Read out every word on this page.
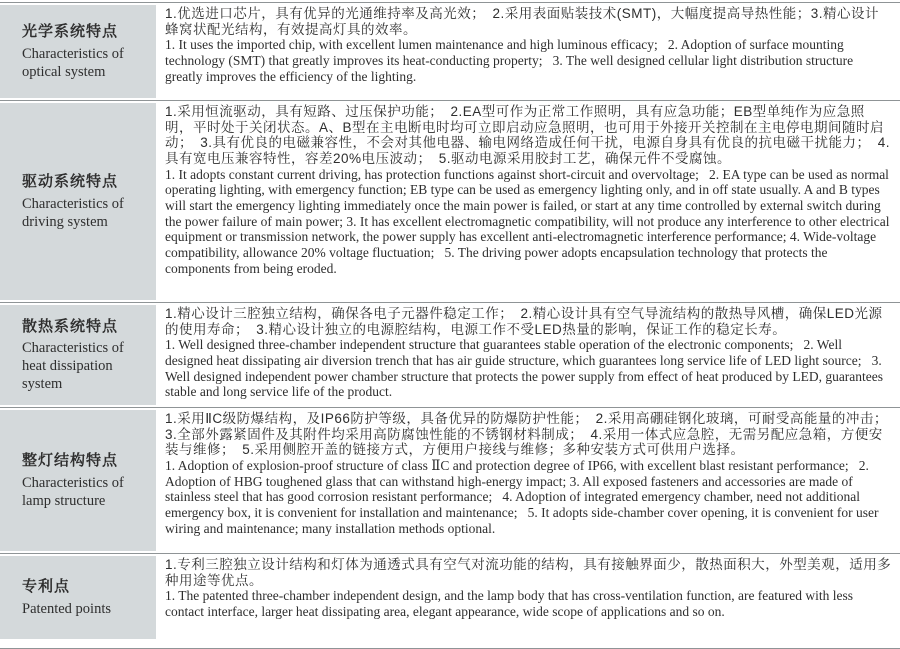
光学系统特点
Characteristics of optical system

1.优选进口芯片，具有优异的光通维持率及高光效；　2.采用表面贴装技术(SMT)，大幅度提高导热性能；3.精心设计蜂窝状配光结构，有效提高灯具的效率。

1. It uses the imported chip, with excellent lumen maintenance and high luminous efficacy;   2. Adoption of surface mounting technology (SMT) that greatly improves its heat-conducting property;   3. The well designed cellular light distribution structure greatly improves the efficiency of the lighting.

驱动系统特点
Characteristics of driving system

1.采用恒流驱动，具有短路、过压保护功能；　2.EA型可作为正常工作照明，具有应急功能；EB型单纯作为应急照明，平时处于关闭状态。A、B型在主电断电时均可立即启动应急照明，也可用于外接开关控制在主电停电期间随时启动；　3.具有优良的电磁兼容性，不会对其他电器、输电网络造成任何干扰，电源自身具有优良的抗电磁干扰能力；　4.具有宽电压兼容特性，容差20%电压波动；　5.驱动电源采用胶封工艺，确保元件不受腐蚀。

1. It adopts constant current driving, has protection functions against short-circuit and overvoltage;   2. EA type can be used as normal operating lighting, with emergency function; EB type can be used as emergency lighting only, and in off state usually. A and B types will start the emergency lighting immediately once the main power is failed, or start at any time controlled by external switch during the power failure of main power; 3. It has excellent electromagnetic compatibility, will not produce any interference to other electrical equipment or transmission network, the power supply has excellent anti-electromagnetic interference performance; 4. Wide-voltage compatibility, allowance 20% voltage fluctuation;   5. The driving power adopts encapsulation technology that protects the components from being eroded.

散热系统特点
Characteristics of heat dissipation system

1.精心设计三腔独立结构，确保各电子元器件稳定工作；　2.精心设计具有空气导流结构的散热导风槽，确保LED光源的使用寿命；　3.精心设计独立的电源腔结构，电源工作不受LED热量的影响，保证工作的稳定长寿。

1. Well designed three-chamber independent structure that guarantees stable operation of the electronic components;   2. Well designed heat dissipating air diversion trench that has air guide structure, which guarantees long service life of LED light source;   3. Well designed independent power chamber structure that protects the power supply from effect of heat produced by LED, guarantees stable and long service life of the product.

整灯结构特点
Characteristics of lamp structure

1.采用ⅡC级防爆结构，及IP66防护等级，具备优异的防爆防护性能；　2.采用高硼硅钢化玻璃，可耐受高能量的冲击；　3.全部外露紧固件及其附件均采用高防腐蚀性能的不锈钢材料制成；　4.采用一体式应急腔，无需另配应急箱，方便安装与维修；　5.采用侧腔开盖的链接方式，方便用户接线与维修；多种安装方式可供用户选择。

1. Adoption of explosion-proof structure of class ⅡC and protection degree of IP66, with excellent blast resistant performance;   2. Adoption of HBG toughened glass that can withstand high-energy impact; 3. All exposed fasteners and accessories are made of stainless steel that has good corrosion resistant performance;   4. Adoption of integrated emergency chamber, need not additional emergency box, it is convenient for installation and maintenance;   5. It adopts side-chamber cover opening, it is convenient for user wiring and maintenance; many installation methods optional.

专利点
Patented points

1.专利三腔独立设计结构和灯体为通透式具有空气对流功能的结构，具有接触界面少，散热面积大，外型美观，适用多种用途等优点。

1. The patented three-chamber independent design, and the lamp body that has cross-ventilation function, are featured with less contact interface, larger heat dissipating area, elegant appearance, wide scope of applications and so on.
